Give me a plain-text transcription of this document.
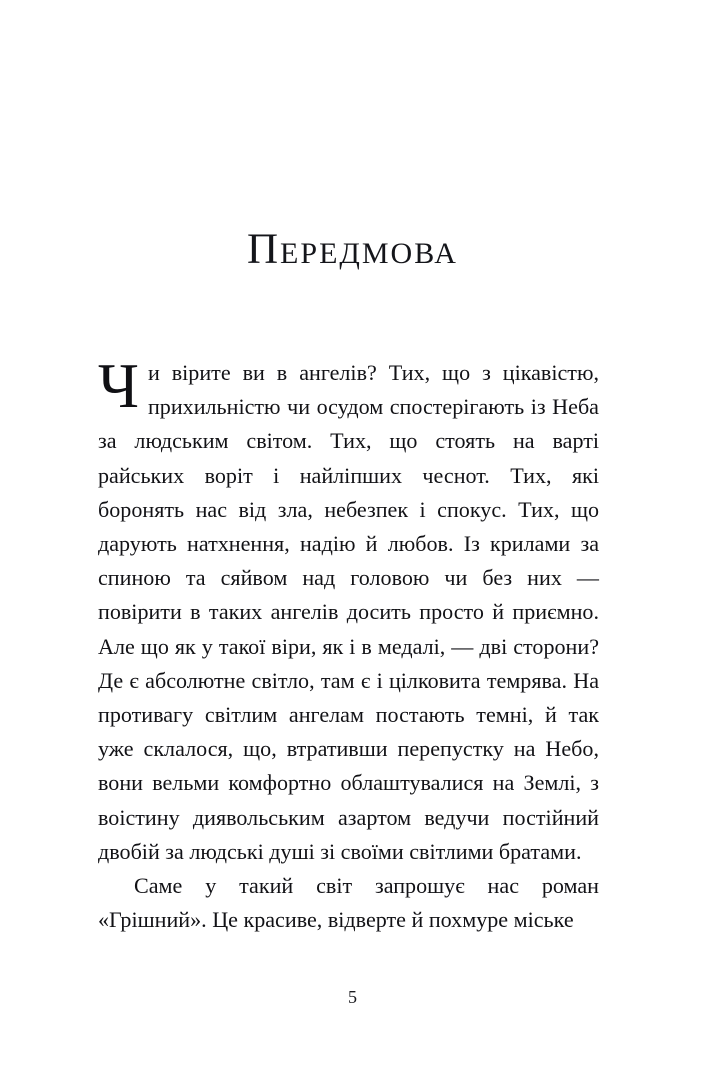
Передмова

Чи вірите ви в ангелів? Тих, що з цікавістю, прихильністю чи осудом спостерігають із Неба за людським світом. Тих, що стоять на варті райських воріт і найліпших чеснот. Тих, які боронять нас від зла, небезпек і спокус. Тих, що дарують натхнення, надію й любов. Із крилами за спиною та сяйвом над головою чи без них — повірити в таких ангелів досить просто й приємно. Але що як у такої віри, як і в медалі, — дві сторони? Де є абсолютне світло, там є і цілковита темрява. На противагу світлим ангелам постають темні, й так уже склалося, що, втративши перепустку на Небо, вони вельми комфортно облаштувалися на Землі, з воістину диявольським азартом ведучи постійний двобій за людські душі зі своїми світлими братами.

Саме у такий світ запрошує нас роман «Грішний». Це красиве, відверте й похмуре міське

5
